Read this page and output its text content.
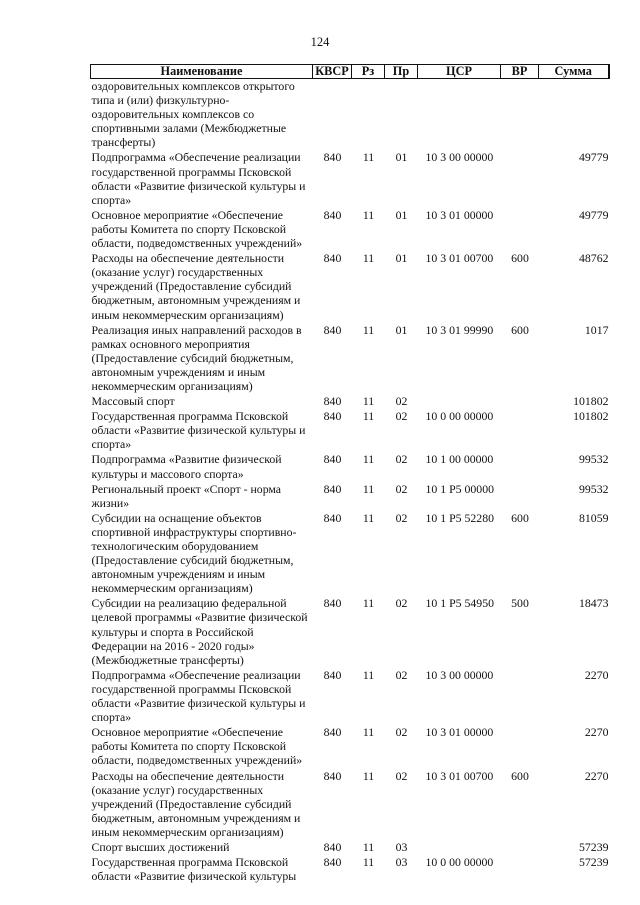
124
Наименование	КВСР	Рз	Пр	ЦСР	ВР	Сумма
оздоровительных комплексов открытого типа и (или) физкультурно-оздоровительных комплексов со спортивными залами (Межбюджетные трансферты)						
Подпрограмма «Обеспечение реализации государственной программы Псковской области «Развитие физической культуры и спорта»	840	11	01	10 3 00 00000		49779
Основное мероприятие «Обеспечение работы Комитета по спорту Псковской области, подведомственных учреждений»	840	11	01	10 3 01 00000		49779
Расходы на обеспечение деятельности (оказание услуг) государственных учреждений (Предоставление субсидий бюджетным, автономным учреждениям и иным некоммерческим организациям)	840	11	01	10 3 01 00700	600	48762
Реализация иных направлений расходов в рамках основного мероприятия (Предоставление субсидий бюджетным, автономным учреждениям и иным некоммерческим организациям)	840	11	01	10 3 01 99990	600	1017
Массовый спорт	840	11	02			101802
Государственная программа Псковской области «Развитие физической культуры и спорта»	840	11	02	10 0 00 00000		101802
Подпрограмма «Развитие физической культуры и массового спорта»	840	11	02	10 1 00 00000		99532
Региональный проект «Спорт - норма жизни»	840	11	02	10 1 P5 00000		99532
Субсидии на оснащение объектов спортивной инфраструктуры спортивно-технологическим оборудованием (Предоставление субсидий бюджетным, автономным учреждениям и иным некоммерческим организациям)	840	11	02	10 1 P5 52280	600	81059
Субсидии на реализацию федеральной целевой программы «Развитие физической культуры и спорта в Российской Федерации на 2016 - 2020 годы» (Межбюджетные трансферты)	840	11	02	10 1 P5 54950	500	18473
Подпрограмма «Обеспечение реализации государственной программы Псковской области «Развитие физической культуры и спорта»	840	11	02	10 3 00 00000		2270
Основное мероприятие «Обеспечение работы Комитета по спорту Псковской области, подведомственных учреждений»	840	11	02	10 3 01 00000		2270
Расходы на обеспечение деятельности (оказание услуг) государственных учреждений (Предоставление субсидий бюджетным, автономным учреждениям и иным некоммерческим организациям)	840	11	02	10 3 01 00700	600	2270
Спорт высших достижений	840	11	03			57239
Государственная программа Псковской области «Развитие физической культуры	840	11	03	10 0 00 00000		57239
